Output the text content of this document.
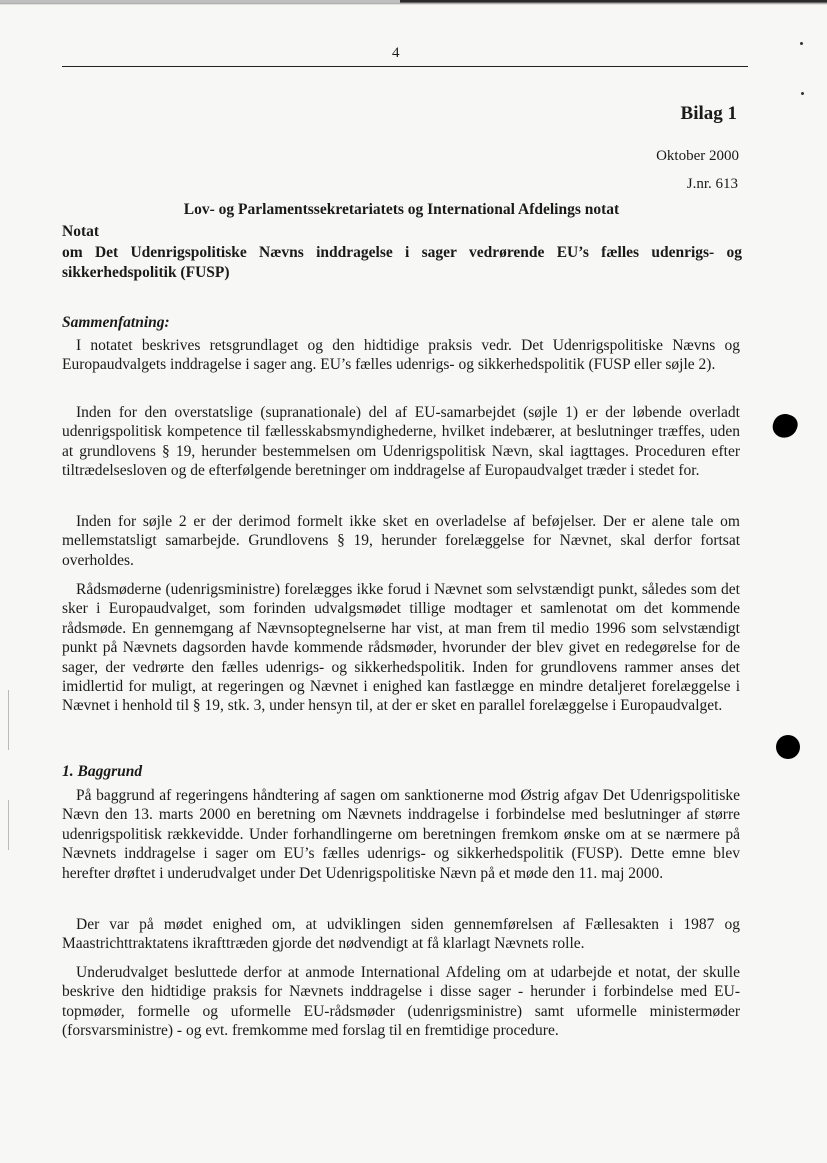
4
Bilag 1
Oktober 2000
J.nr. 613
Lov- og Parlamentssekretariatets og International Afdelings notat
Notat
om Det Udenrigspolitiske Nævns inddragelse i sager vedrørende EU’s fælles udenrigs- og sikkerhedspolitik (FUSP)
Sammenfatning:

I notatet beskrives retsgrundlaget og den hidtidige praksis vedr. Det Udenrigspolitiske Nævns og Europaudvalgets inddragelse i sager ang. EU’s fælles udenrigs- og sikkerhedspolitik (FUSP eller søjle 2).

Inden for den overstatslige (supranationale) del af EU-samarbejdet (søjle 1) er der løbende overladt udenrigspolitisk kompetence til fællesskabsmyndighederne, hvilket indebærer, at beslutninger træffes, uden at grundlovens § 19, herunder bestemmelsen om Udenrigspolitisk Nævn, skal iagttages. Proceduren efter tiltrædelsesloven og de efterfølgende beretninger om inddragelse af Europaudvalget træder i stedet for.

Inden for søjle 2 er der derimod formelt ikke sket en overladelse af beføjelser. Der er alene tale om mellemstatsligt samarbejde. Grundlovens § 19, herunder forelæggelse for Nævnet, skal derfor fortsat overholdes.

Rådsmøderne (udenrigsministre) forelægges ikke forud i Nævnet som selvstændigt punkt, således som det sker i Europaudvalget, som forinden udvalgsmødet tillige modtager et samlenotat om det kommende rådsmøde. En gennemgang af Nævnsoptegnelserne har vist, at man frem til medio 1996 som selvstændigt punkt på Nævnets dagsorden havde kommende rådsmøder, hvorunder der blev givet en redegørelse for de sager, der vedrørte den fælles udenrigs- og sikkerhedspolitik. Inden for grundlovens rammer anses det imidlertid for muligt, at regeringen og Nævnet i enighed kan fastlægge en mindre detaljeret forelæggelse i Nævnet i henhold til § 19, stk. 3, under hensyn til, at der er sket en parallel forelæggelse i Europaudvalget.

1. Baggrund

På baggrund af regeringens håndtering af sagen om sanktionerne mod Østrig afgav Det Udenrigspolitiske Nævn den 13. marts 2000 en beretning om Nævnets inddragelse i forbindelse med beslutninger af større udenrigspolitisk rækkevidde. Under forhandlingerne om beretningen fremkom ønske om at se nærmere på Nævnets inddragelse i sager om EU’s fælles udenrigs- og sikkerhedspolitik (FUSP). Dette emne blev herefter drøftet i underudvalget under Det Udenrigspolitiske Nævn på et møde den 11. maj 2000.

Der var på mødet enighed om, at udviklingen siden gennemførelsen af Fællesakten i 1987 og Maastrichttraktatens ikrafttræden gjorde det nødvendigt at få klarlagt Nævnets rolle.

Underudvalget besluttede derfor at anmode International Afdeling om at udarbejde et notat, der skulle beskrive den hidtidige praksis for Nævnets inddragelse i disse sager - herunder i forbindelse med EU-topmøder, formelle og uformelle EU-rådsmøder (udenrigsministre) samt uformelle ministermøder (forsvarsministre) - og evt. fremkomme med forslag til en fremtidige procedure.
